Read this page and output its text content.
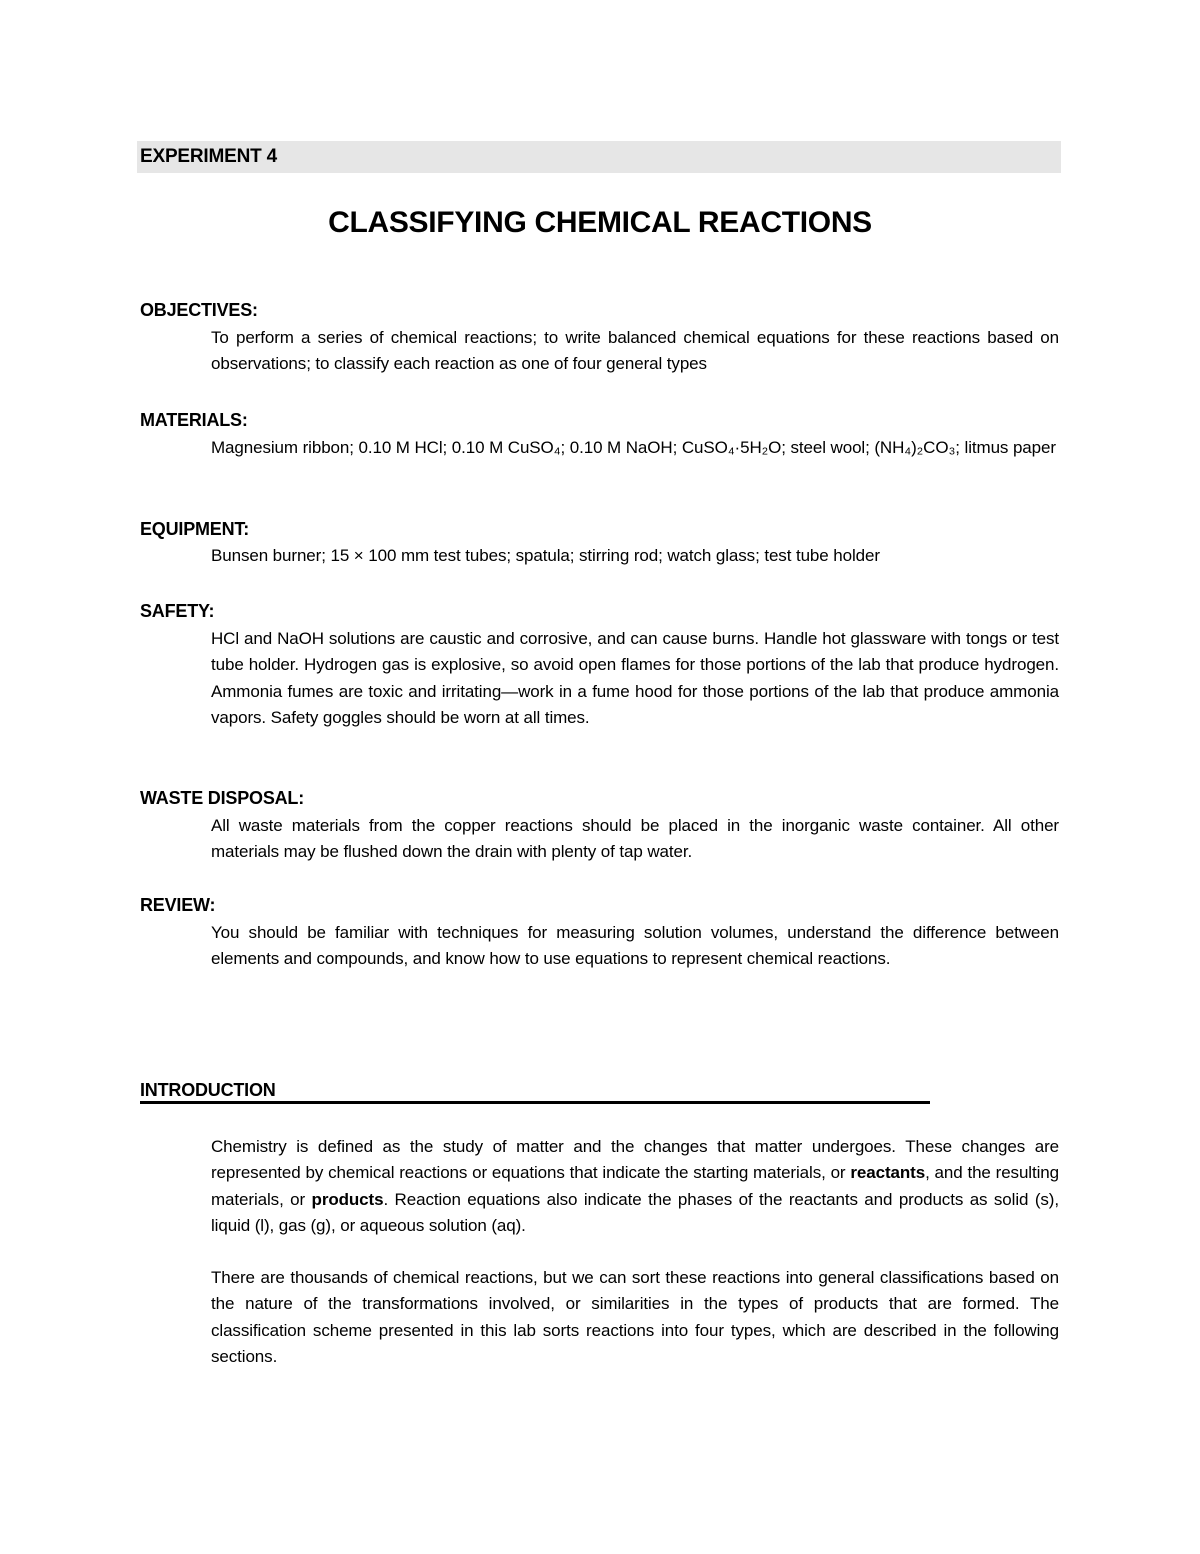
EXPERIMENT 4
CLASSIFYING CHEMICAL REACTIONS
OBJECTIVES:
To perform a series of chemical reactions; to write balanced chemical equations for these reactions based on observations; to classify each reaction as one of four general types
MATERIALS:
Magnesium ribbon; 0.10 M HCl; 0.10 M CuSO₄; 0.10 M NaOH; CuSO₄·5H₂O; steel wool; (NH₄)₂CO₃; litmus paper
EQUIPMENT:
Bunsen burner; 15 × 100 mm test tubes; spatula; stirring rod; watch glass; test tube holder
SAFETY:
HCl and NaOH solutions are caustic and corrosive, and can cause burns. Handle hot glassware with tongs or test tube holder. Hydrogen gas is explosive, so avoid open flames for those portions of the lab that produce hydrogen. Ammonia fumes are toxic and irritating—work in a fume hood for those portions of the lab that produce ammonia vapors. Safety goggles should be worn at all times.
WASTE DISPOSAL:
All waste materials from the copper reactions should be placed in the inorganic waste container. All other materials may be flushed down the drain with plenty of tap water.
REVIEW:
You should be familiar with techniques for measuring solution volumes, understand the difference between elements and compounds, and know how to use equations to represent chemical reactions.
INTRODUCTION

Chemistry is defined as the study of matter and the changes that matter undergoes. These changes are represented by chemical reactions or equations that indicate the starting materials, or reactants, and the resulting materials, or products. Reaction equations also indicate the phases of the reactants and products as solid (s), liquid (l), gas (g), or aqueous solution (aq).

There are thousands of chemical reactions, but we can sort these reactions into general classifications based on the nature of the transformations involved, or similarities in the types of products that are formed. The classification scheme presented in this lab sorts reactions into four types, which are described in the following sections.
